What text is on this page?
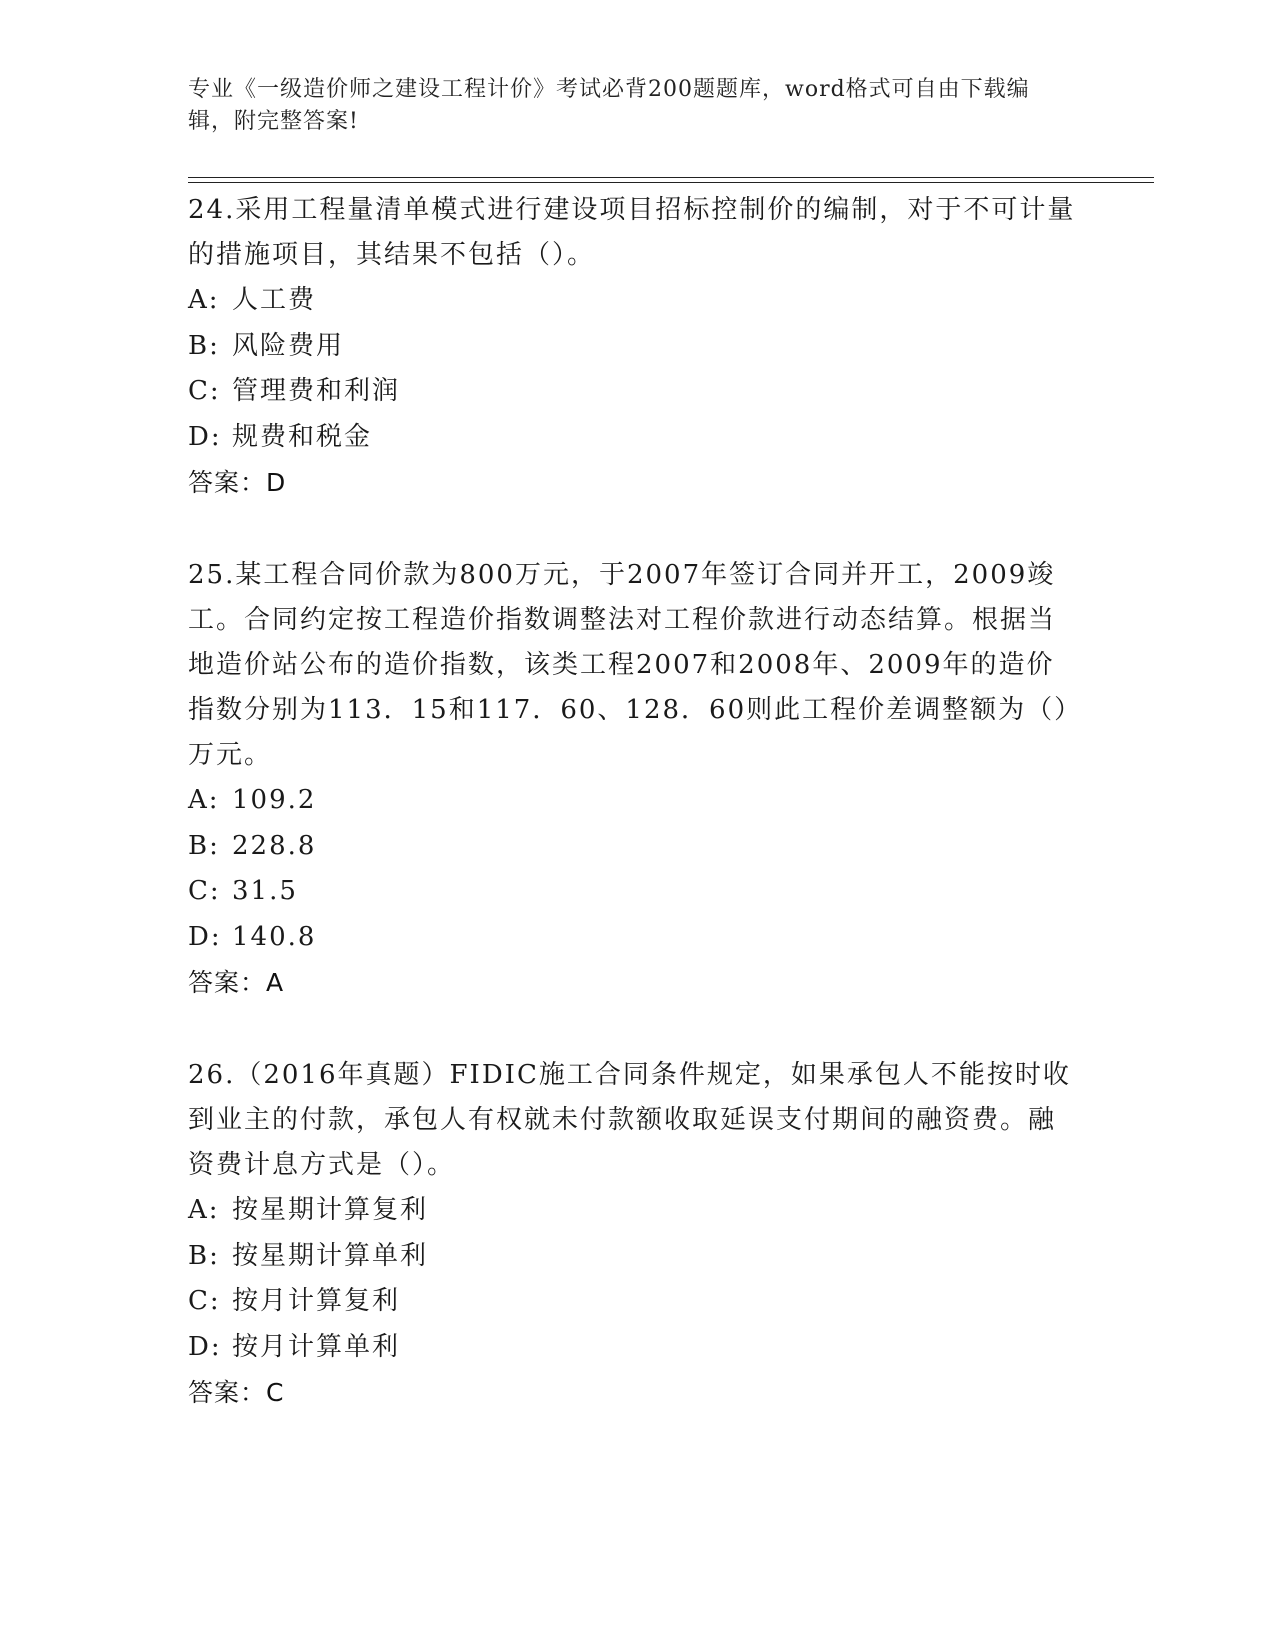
专业《一级造价师之建设工程计价》考试必背200题题库，word格式可自由下载编辑，附完整答案!

24.采用工程量清单模式进行建设项目招标控制价的编制，对于不可计量的措施项目，其结果不包括（）。

A: 人工费

B: 风险费用

C: 管理费和利润

D: 规费和税金

答案：D

25.某工程合同价款为800万元，于2007年签订合同并开工，2009竣工。合同约定按工程造价指数调整法对工程价款进行动态结算。根据当地造价站公布的造价指数，该类工程2007和2008年、2009年的造价指数分别为113．15和117．60、128．60则此工程价差调整额为（）万元。

A: 109.2

B: 228.8

C: 31.5

D: 140.8

答案：A

26.（2016年真题）FIDIC施工合同条件规定，如果承包人不能按时收到业主的付款，承包人有权就未付款额收取延误支付期间的融资费。融资费计息方式是（）。

A: 按星期计算复利

B: 按星期计算单利

C: 按月计算复利

D: 按月计算单利

答案：C
